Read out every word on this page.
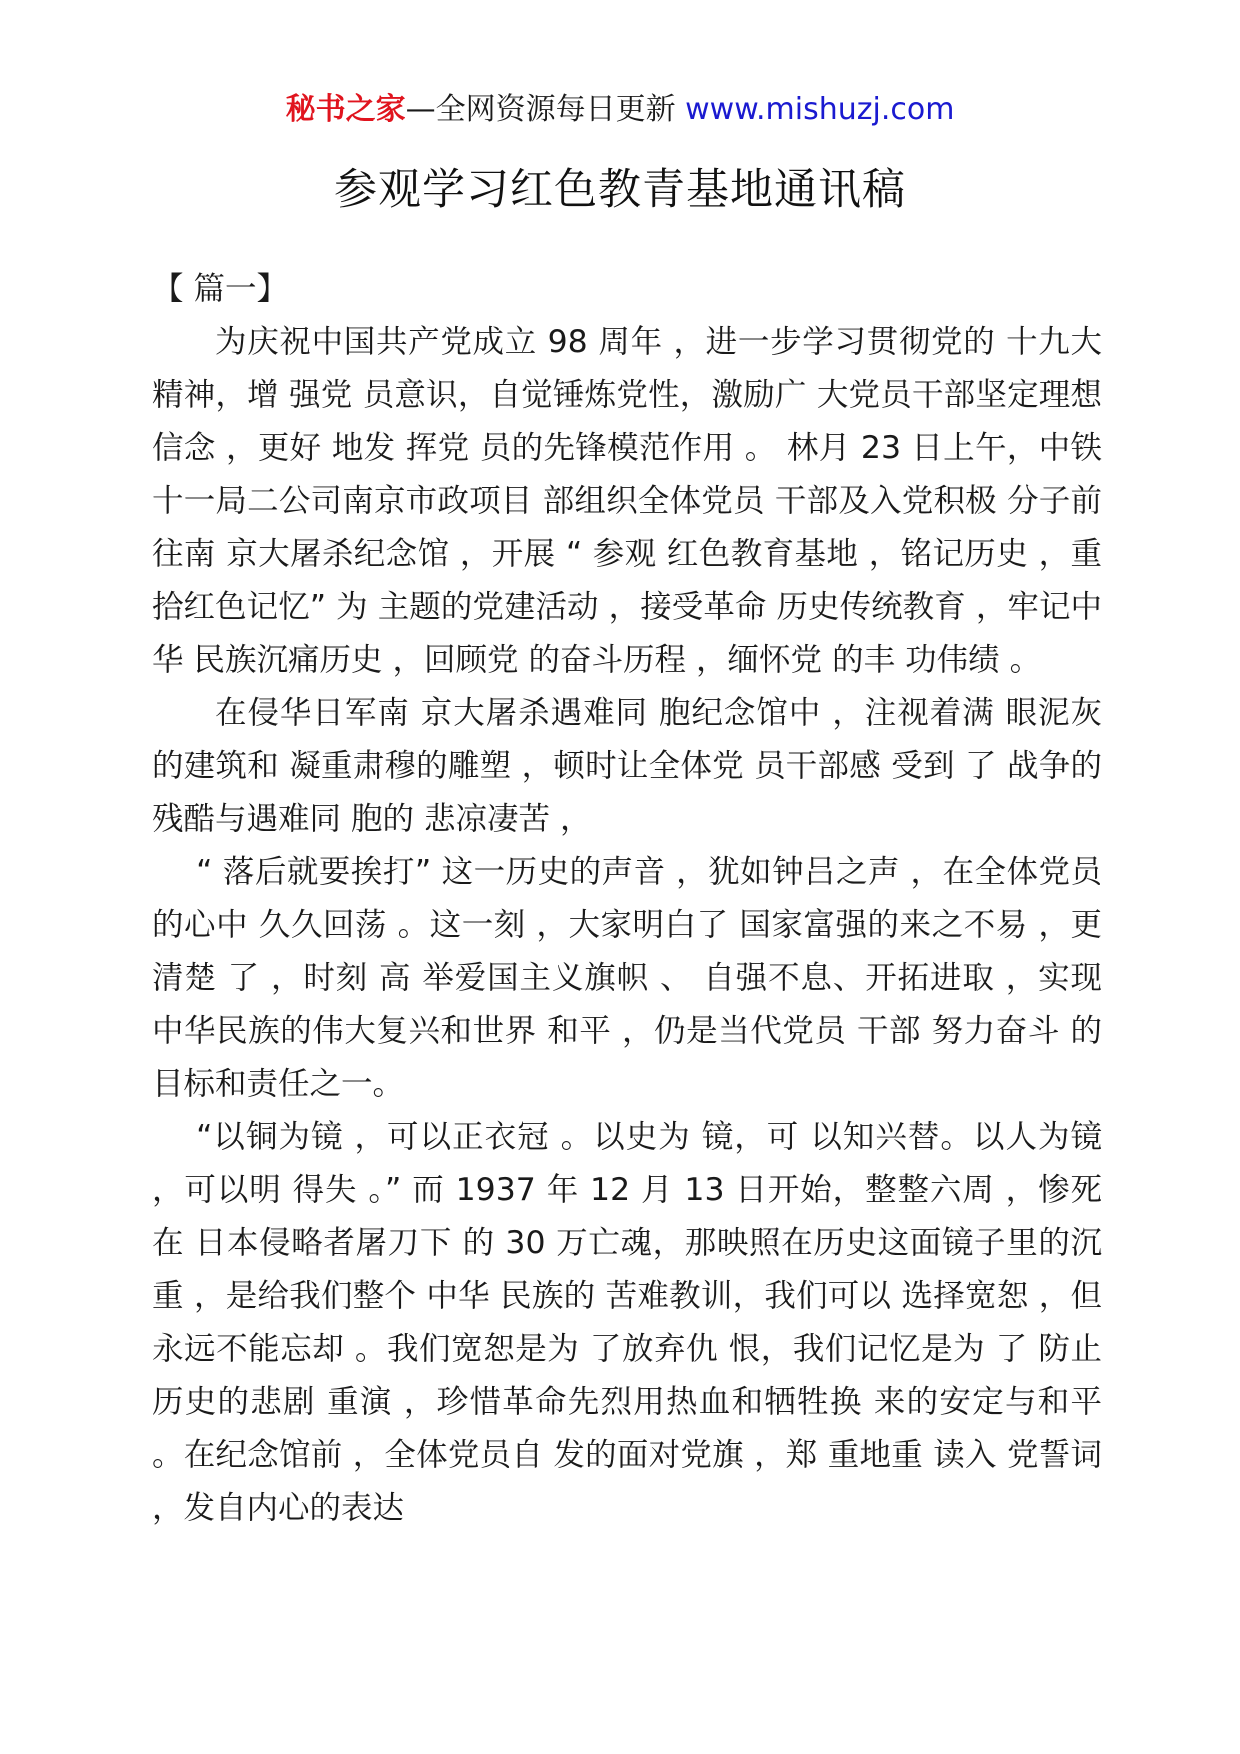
秘书之家—全网资源每日更新 www.mishuzj.com
参观学习红色教青基地通讯稿

【 篇一】

为庆祝中国共产党成立 98 周年 ，进一步学习贯彻党的 十九大精神，增 强党 员意识，自觉锤炼党性，激励广 大党员干部坚定理想信念 ，更好 地发 挥党 员的先锋模范作用 。 林月 23 日上午，中铁十一局二公司南京市政项目 部组织全体党员 干部及入党积极 分子前往南 京大屠杀纪念馆 ，开展 “ 参观 红色教育基地 ，铭记历史 ，重拾红色记忆” 为 主题的党建活动 ，接受革命 历史传统教育 ，牢记中 华 民族沉痛历史 ，回顾党 的奋斗历程 ，缅怀党 的丰 功伟绩 。

在侵华日军南 京大屠杀遇难同 胞纪念馆中 ，注视着满 眼泥灰的建筑和 凝重肃穆的雕塑 ，顿时让全体党 员干部感 受到 了 战争的残酷与遇难同 胞的 悲凉凄苦 ，

“ 落后就要挨打” 这一历史的声音 ，犹如钟吕之声 ，在全体党员的心中 久久回荡 。这一刻 ，大家明白了 国家富强的来之不易 ，更清楚 了 ，时刻 高 举爱国主义旗帜 、 自强不息、开拓进取 ，实现 中华民族的伟大复兴和世界 和平 ，仍是当代党员 干部 努力奋斗 的目标和责任之一。

“以铜为镜 ，可以正衣冠 。以史为 镜，可 以知兴替。以人为镜 ，可以明 得失 。” 而 1937 年 12 月 13 日开始，整整六周 ，惨死在 日本侵略者屠刀下 的 30 万亡魂，那映照在历史这面镜子里的沉重 ，是给我们整个 中华 民族的 苦难教训，我们可以 选择宽恕 ，但永远不能忘却 。我们宽恕是为 了放弃仇 恨，我们记忆是为 了 防止历史的悲剧 重演 ，珍惜革命先烈用热血和牺牲换 来的安定与和平 。在纪念馆前 ，全体党员自 发的面对党旗 ，郑 重地重 读入 党誓词 ，发自内心的表达
